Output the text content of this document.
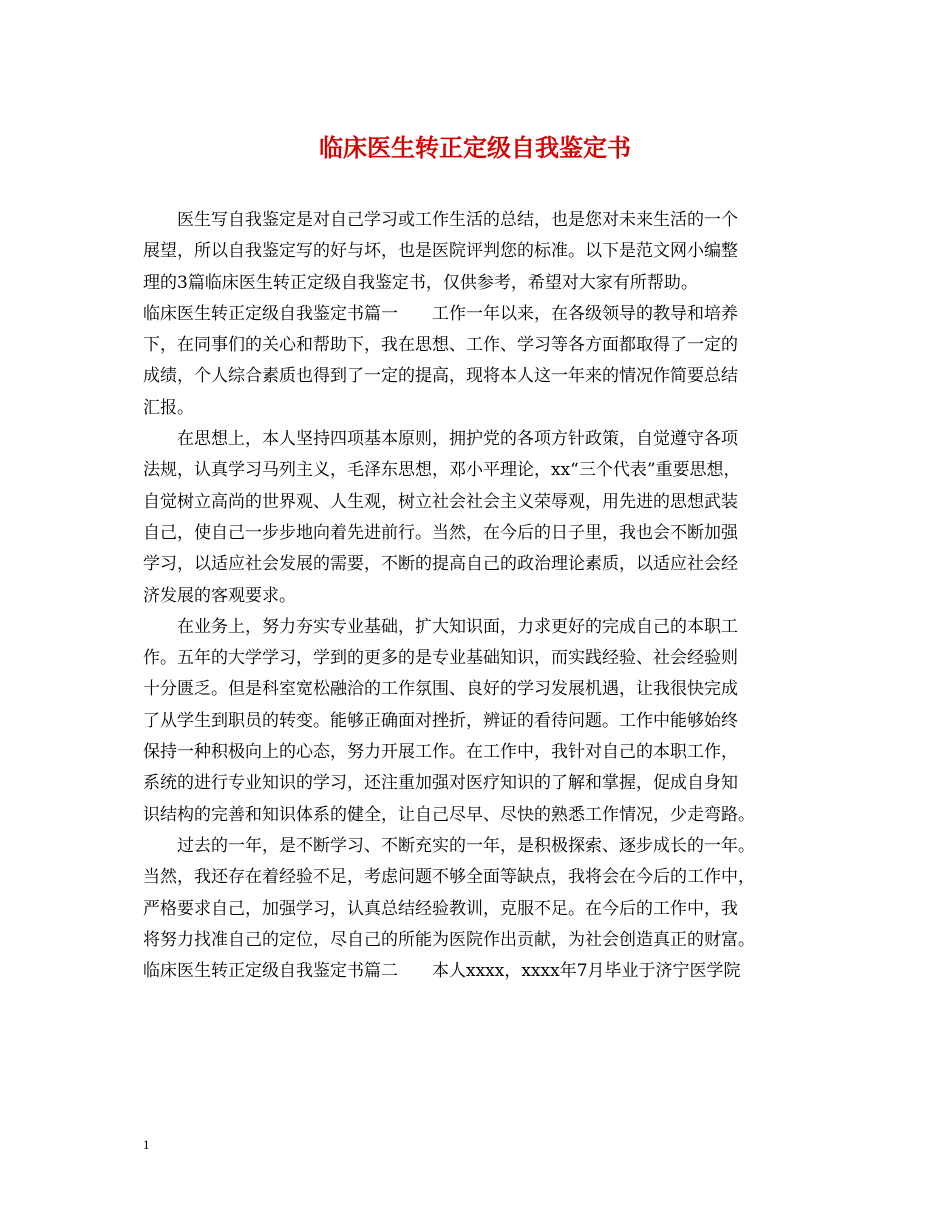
临床医生转正定级自我鉴定书
　　医生写自我鉴定是对自己学习或工作生活的总结，也是您对未来生活的一个
展望，所以自我鉴定写的好与坏，也是医院评判您的标准。以下是范文网小编整
理的3篇临床医生转正定级自我鉴定书，仅供参考，希望对大家有所帮助。
临床医生转正定级自我鉴定书篇一　　工作一年以来，在各级领导的教导和培养
下，在同事们的关心和帮助下，我在思想、工作、学习等各方面都取得了一定的
成绩，个人综合素质也得到了一定的提高，现将本人这一年来的情况作简要总结
汇报。
　　在思想上，本人坚持四项基本原则，拥护党的各项方针政策，自觉遵守各项
法规，认真学习马列主义，毛泽东思想，邓小平理论，xx“三个代表”重要思想，
自觉树立高尚的世界观、人生观，树立社会社会主义荣辱观，用先进的思想武装
自己，使自己一步步地向着先进前行。当然，在今后的日子里，我也会不断加强
学习，以适应社会发展的需要，不断的提高自己的政治理论素质，以适应社会经
济发展的客观要求。
　　在业务上，努力夯实专业基础，扩大知识面，力求更好的完成自己的本职工
作。五年的大学学习，学到的更多的是专业基础知识，而实践经验、社会经验则
十分匮乏。但是科室宽松融洽的工作氛围、良好的学习发展机遇，让我很快完成
了从学生到职员的转变。能够正确面对挫折，辨证的看待问题。工作中能够始终
保持一种积极向上的心态，努力开展工作。在工作中，我针对自己的本职工作，
系统的进行专业知识的学习，还注重加强对医疗知识的了解和掌握，促成自身知
识结构的完善和知识体系的健全，让自己尽早、尽快的熟悉工作情况，少走弯路。
　　过去的一年，是不断学习、不断充实的一年，是积极探索、逐步成长的一年。
当然，我还存在着经验不足，考虑问题不够全面等缺点，我将会在今后的工作中，
严格要求自己，加强学习，认真总结经验教训，克服不足。在今后的工作中，我
将努力找准自己的定位，尽自己的所能为医院作出贡献，为社会创造真正的财富。
临床医生转正定级自我鉴定书篇二　　本人xxxx，xxxx年7月毕业于济宁医学院
1
